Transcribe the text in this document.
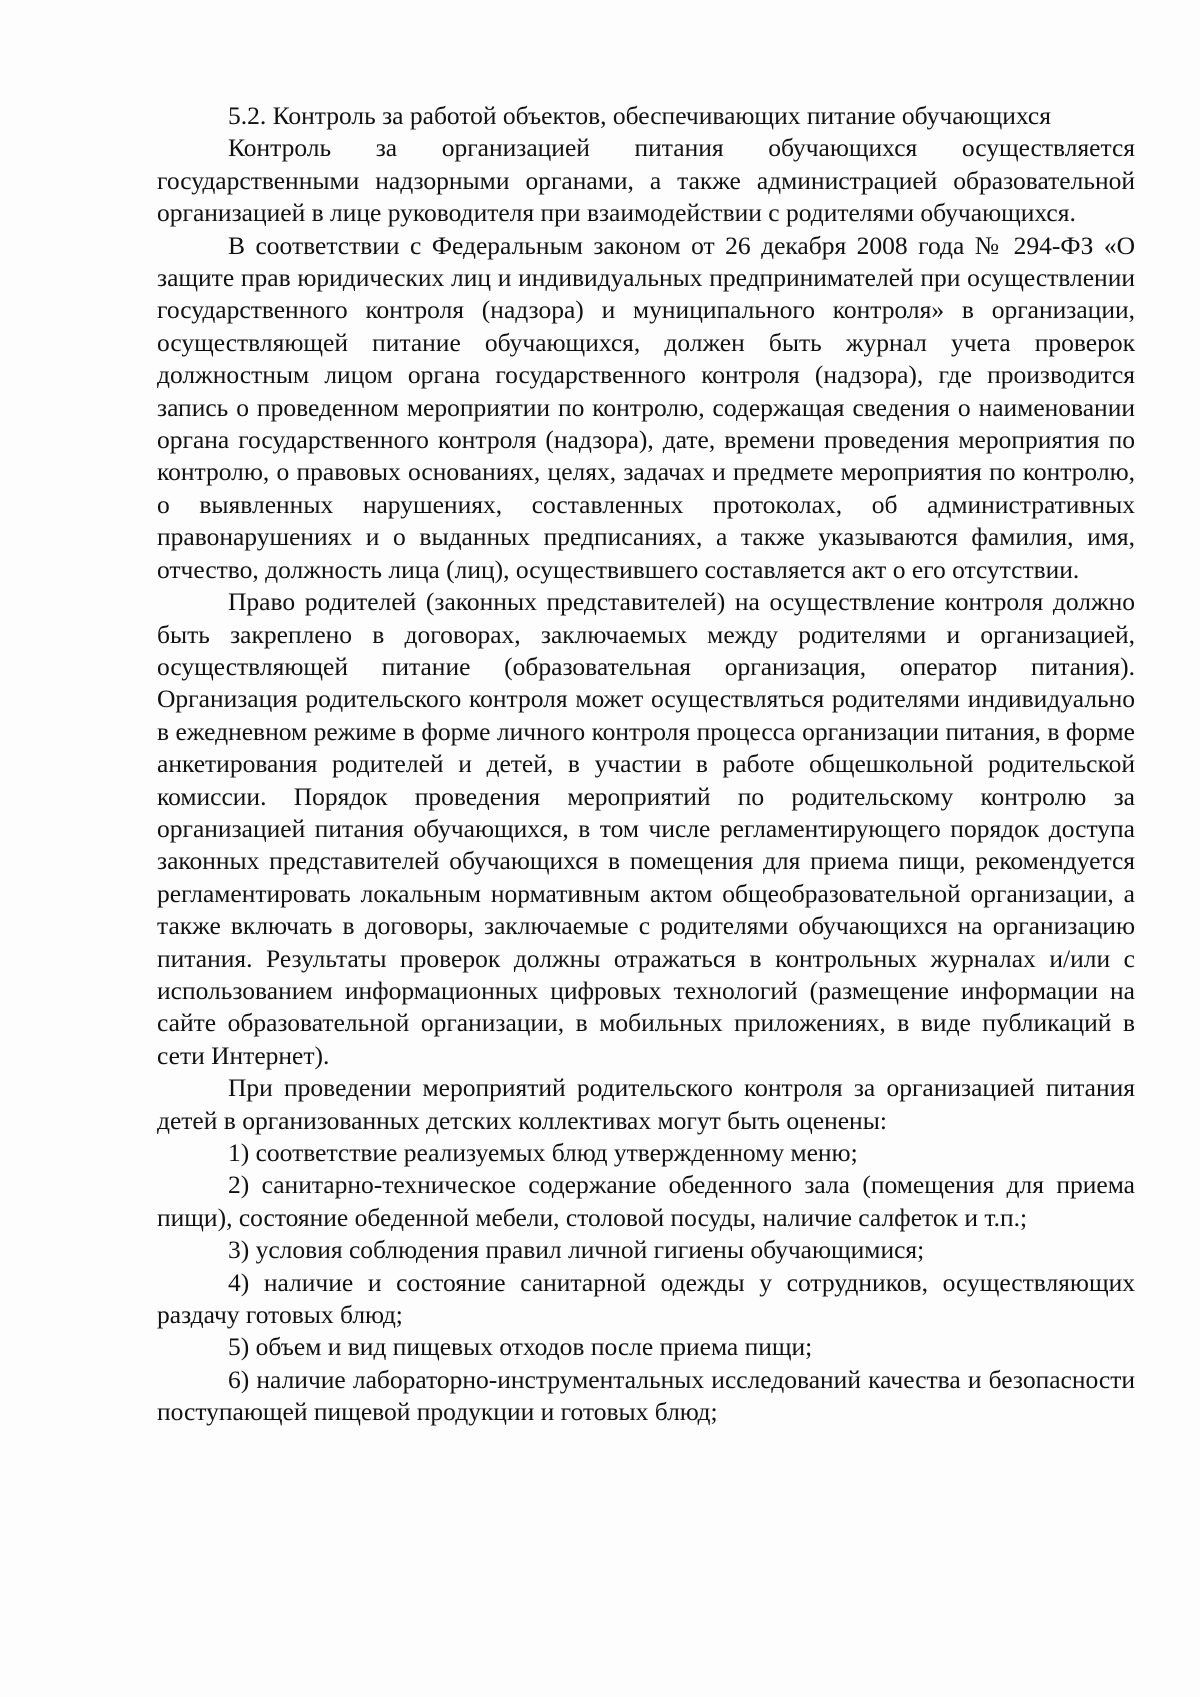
5.2. Контроль за работой объектов, обеспечивающих питание обучающихся

Контроль за организацией питания обучающихся осуществляется государственными надзорными органами, а также администрацией образовательной организацией в лице руководителя при взаимодействии с родителями обучающихся.

В соответствии с Федеральным законом от 26 декабря 2008 года № 294-ФЗ «О защите прав юридических лиц и индивидуальных предпринимателей при осуществлении государственного контроля (надзора) и муниципального контроля» в организации, осуществляющей питание обучающихся, должен быть журнал учета проверок должностным лицом органа государственного контроля (надзора), где производится запись о проведенном мероприятии по контролю, содержащая сведения о наименовании органа государственного контроля (надзора), дате, времени проведения мероприятия по контролю, о правовых основаниях, целях, задачах и предмете мероприятия по контролю, о выявленных нарушениях, составленных протоколах, об административных правонарушениях и о выданных предписаниях, а также указываются фамилия, имя, отчество, должность лица (лиц), осуществившего составляется акт о его отсутствии.

Право родителей (законных представителей) на осуществление контроля должно быть закреплено в договорах, заключаемых между родителями и организацией, осуществляющей питание (образовательная организация, оператор питания). Организация родительского контроля может осуществляться родителями индивидуально в ежедневном режиме в форме личного контроля процесса организации питания, в форме анкетирования родителей и детей, в участии в работе общешкольной родительской комиссии. Порядок проведения мероприятий по родительскому контролю за организацией питания обучающихся, в том числе регламентирующего порядок доступа законных представителей обучающихся в помещения для приема пищи, рекомендуется регламентировать локальным нормативным актом общеобразовательной организации, а также включать в договоры, заключаемые с родителями обучающихся на организацию питания. Результаты проверок должны отражаться в контрольных журналах и/или с использованием информационных цифровых технологий (размещение информации на сайте образовательной организации, в мобильных приложениях, в виде публикаций в сети Интернет).

При проведении мероприятий родительского контроля за организацией питания детей в организованных детских коллективах могут быть оценены:

1) соответствие реализуемых блюд утвержденному меню;

2) санитарно-техническое содержание обеденного зала (помещения для приема пищи), состояние обеденной мебели, столовой посуды, наличие салфеток и т.п.;

3) условия соблюдения правил личной гигиены обучающимися;

4) наличие и состояние санитарной одежды у сотрудников, осуществляющих раздачу готовых блюд;

5) объем и вид пищевых отходов после приема пищи;

6) наличие лабораторно-инструментальных исследований качества и безопасности поступающей пищевой продукции и готовых блюд;
